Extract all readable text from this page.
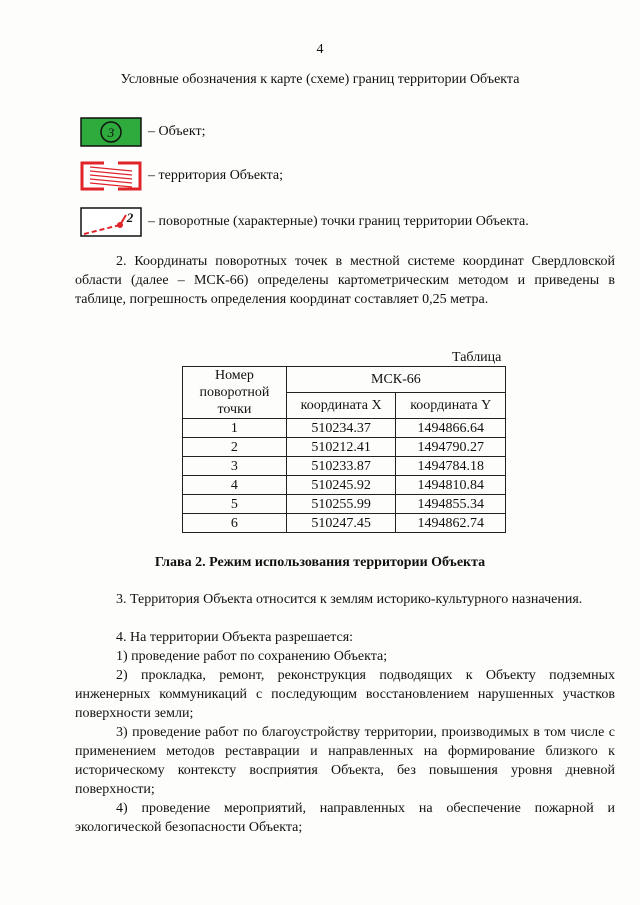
4
Условные обозначения к карте (схеме) границ территории Объекта
3 – Объект;
– территория Объекта;
2 – поворотные (характерные) точки границ территории Объекта.

2. Координаты поворотных точек в местной системе координат Свердловской области (далее – МСК-66) определены картометрическим методом и приведены в таблице, погрешность определения координат составляет 0,25 метра.

Таблица
Номер поворотной точки	МСК-66	
	координата X	координата Y
1	510234.37	1494866.64
2	510212.41	1494790.27
3	510233.87	1494784.18
4	510245.92	1494810.84
5	510255.99	1494855.34
6	510247.45	1494862.74
Глава 2. Режим использования территории Объекта

3. Территория Объекта относится к землям историко-культурного назначения.

4. На территории Объекта разрешается:

1) проведение работ по сохранению Объекта;

2) прокладка, ремонт, реконструкция подводящих к Объекту подземных инженерных коммуникаций с последующим восстановлением нарушенных участков поверхности земли;

3) проведение работ по благоустройству территории, производимых в том числе с применением методов реставрации и направленных на формирование близкого к историческому контексту восприятия Объекта, без повышения уровня дневной поверхности;

4) проведение мероприятий, направленных на обеспечение пожарной и экологической безопасности Объекта;
